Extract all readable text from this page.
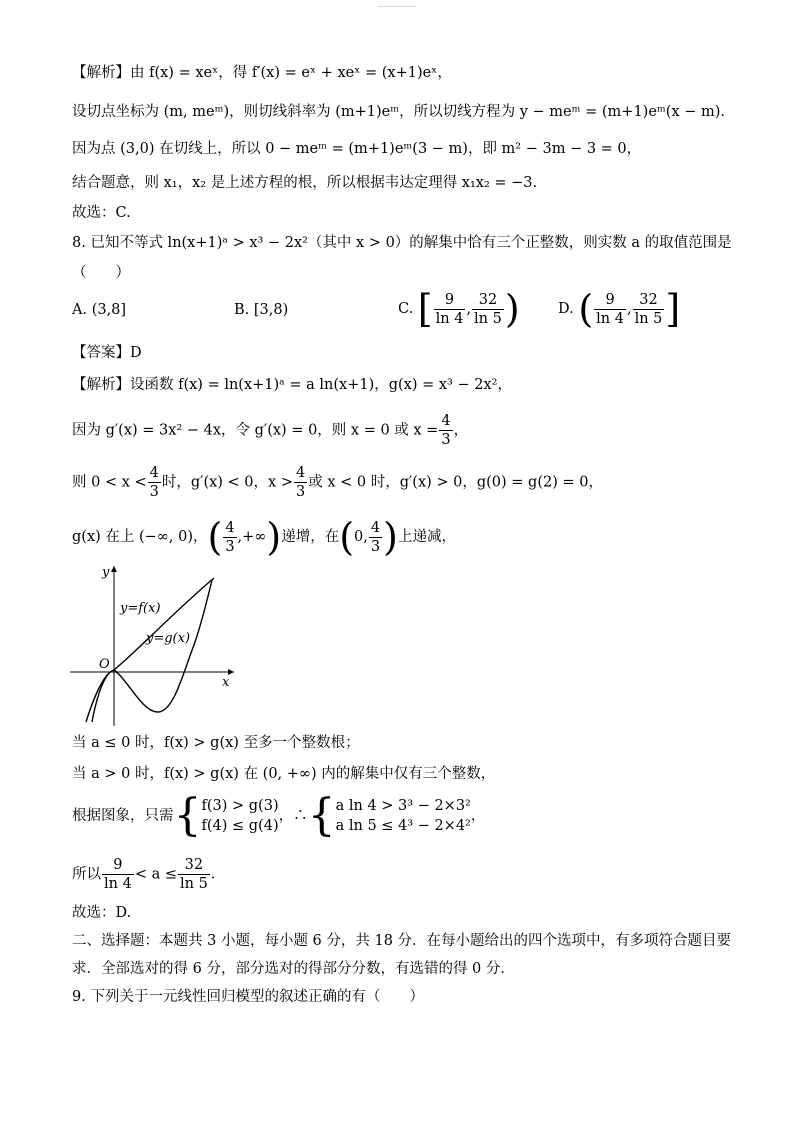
【解析】由 f(x) = xeˣ，得 f′(x) = eˣ + xeˣ = (x+1)eˣ，
设切点坐标为 (m, meᵐ)，则切线斜率为 (m+1)eᵐ，所以切线方程为 y − meᵐ = (m+1)eᵐ(x − m).
因为点 (3,0) 在切线上，所以 0 − meᵐ = (m+1)eᵐ(3 − m)，即 m² − 3m − 3 = 0，
结合题意，则 x₁，x₂ 是上述方程的根，所以根据韦达定理得 x₁x₂ = −3.
故选：C.
8. 已知不等式 ln(x+1)ᵃ > x³ − 2x²（其中 x > 0）的解集中恰有三个正整数，则实数 a 的取值范围是
（　　）
A. (3,8]	B. [3,8)	C. [ $\frac{9}{\ln 4}$ , $\frac{32}{\ln 5}$ )	D. ( $\frac{9}{\ln 4}$ , $\frac{32}{\ln 5}$ ]
【答案】D
【解析】设函数 f(x) = ln(x+1)ᵃ = a ln(x+1)，g(x) = x³ − 2x²，
因为 g′(x) = 3x² − 4x，令 g′(x) = 0，则 x = 0 或 $x = \frac{4}{3}$ ，
则 $0 < x < \frac{4}{3}$ 时，g′(x) < 0，$x > \frac{4}{3}$ 或 x < 0 时，g′(x) > 0，g(0) = g(2) = 0，
g(x) 在上 (−∞, 0)，( $\frac{4}{3}$ ,+∞)递增，在(0, $\frac{4}{3}$ )上递减，
y
x
O
y=f(x)
y=g(x)
当 a ≤ 0 时，f(x) > g(x) 至多一个整数根；
当 a > 0 时，f(x) > g(x) 在 (0, +∞) 内的解集中仅有三个整数，
根据图象，只需{ f(3) > g(3)
f(4) ≤ g(4)
，∴{ a ln 4 > 3³ − 2×3²
a ln 5 ≤ 4³ − 2×4²
，
所以 $\frac{9}{\ln 4} < a \le \frac{32}{\ln 5}$ .
故选：D.
二、选择题：本题共 3 小题，每小题 6 分，共 18 分．在每小题给出的四个选项中，有多项符合题目要
求．全部选对的得 6 分，部分选对的得部分分数，有选错的得 0 分．
9. 下列关于一元线性回归模型的叙述正确的有（　　）
